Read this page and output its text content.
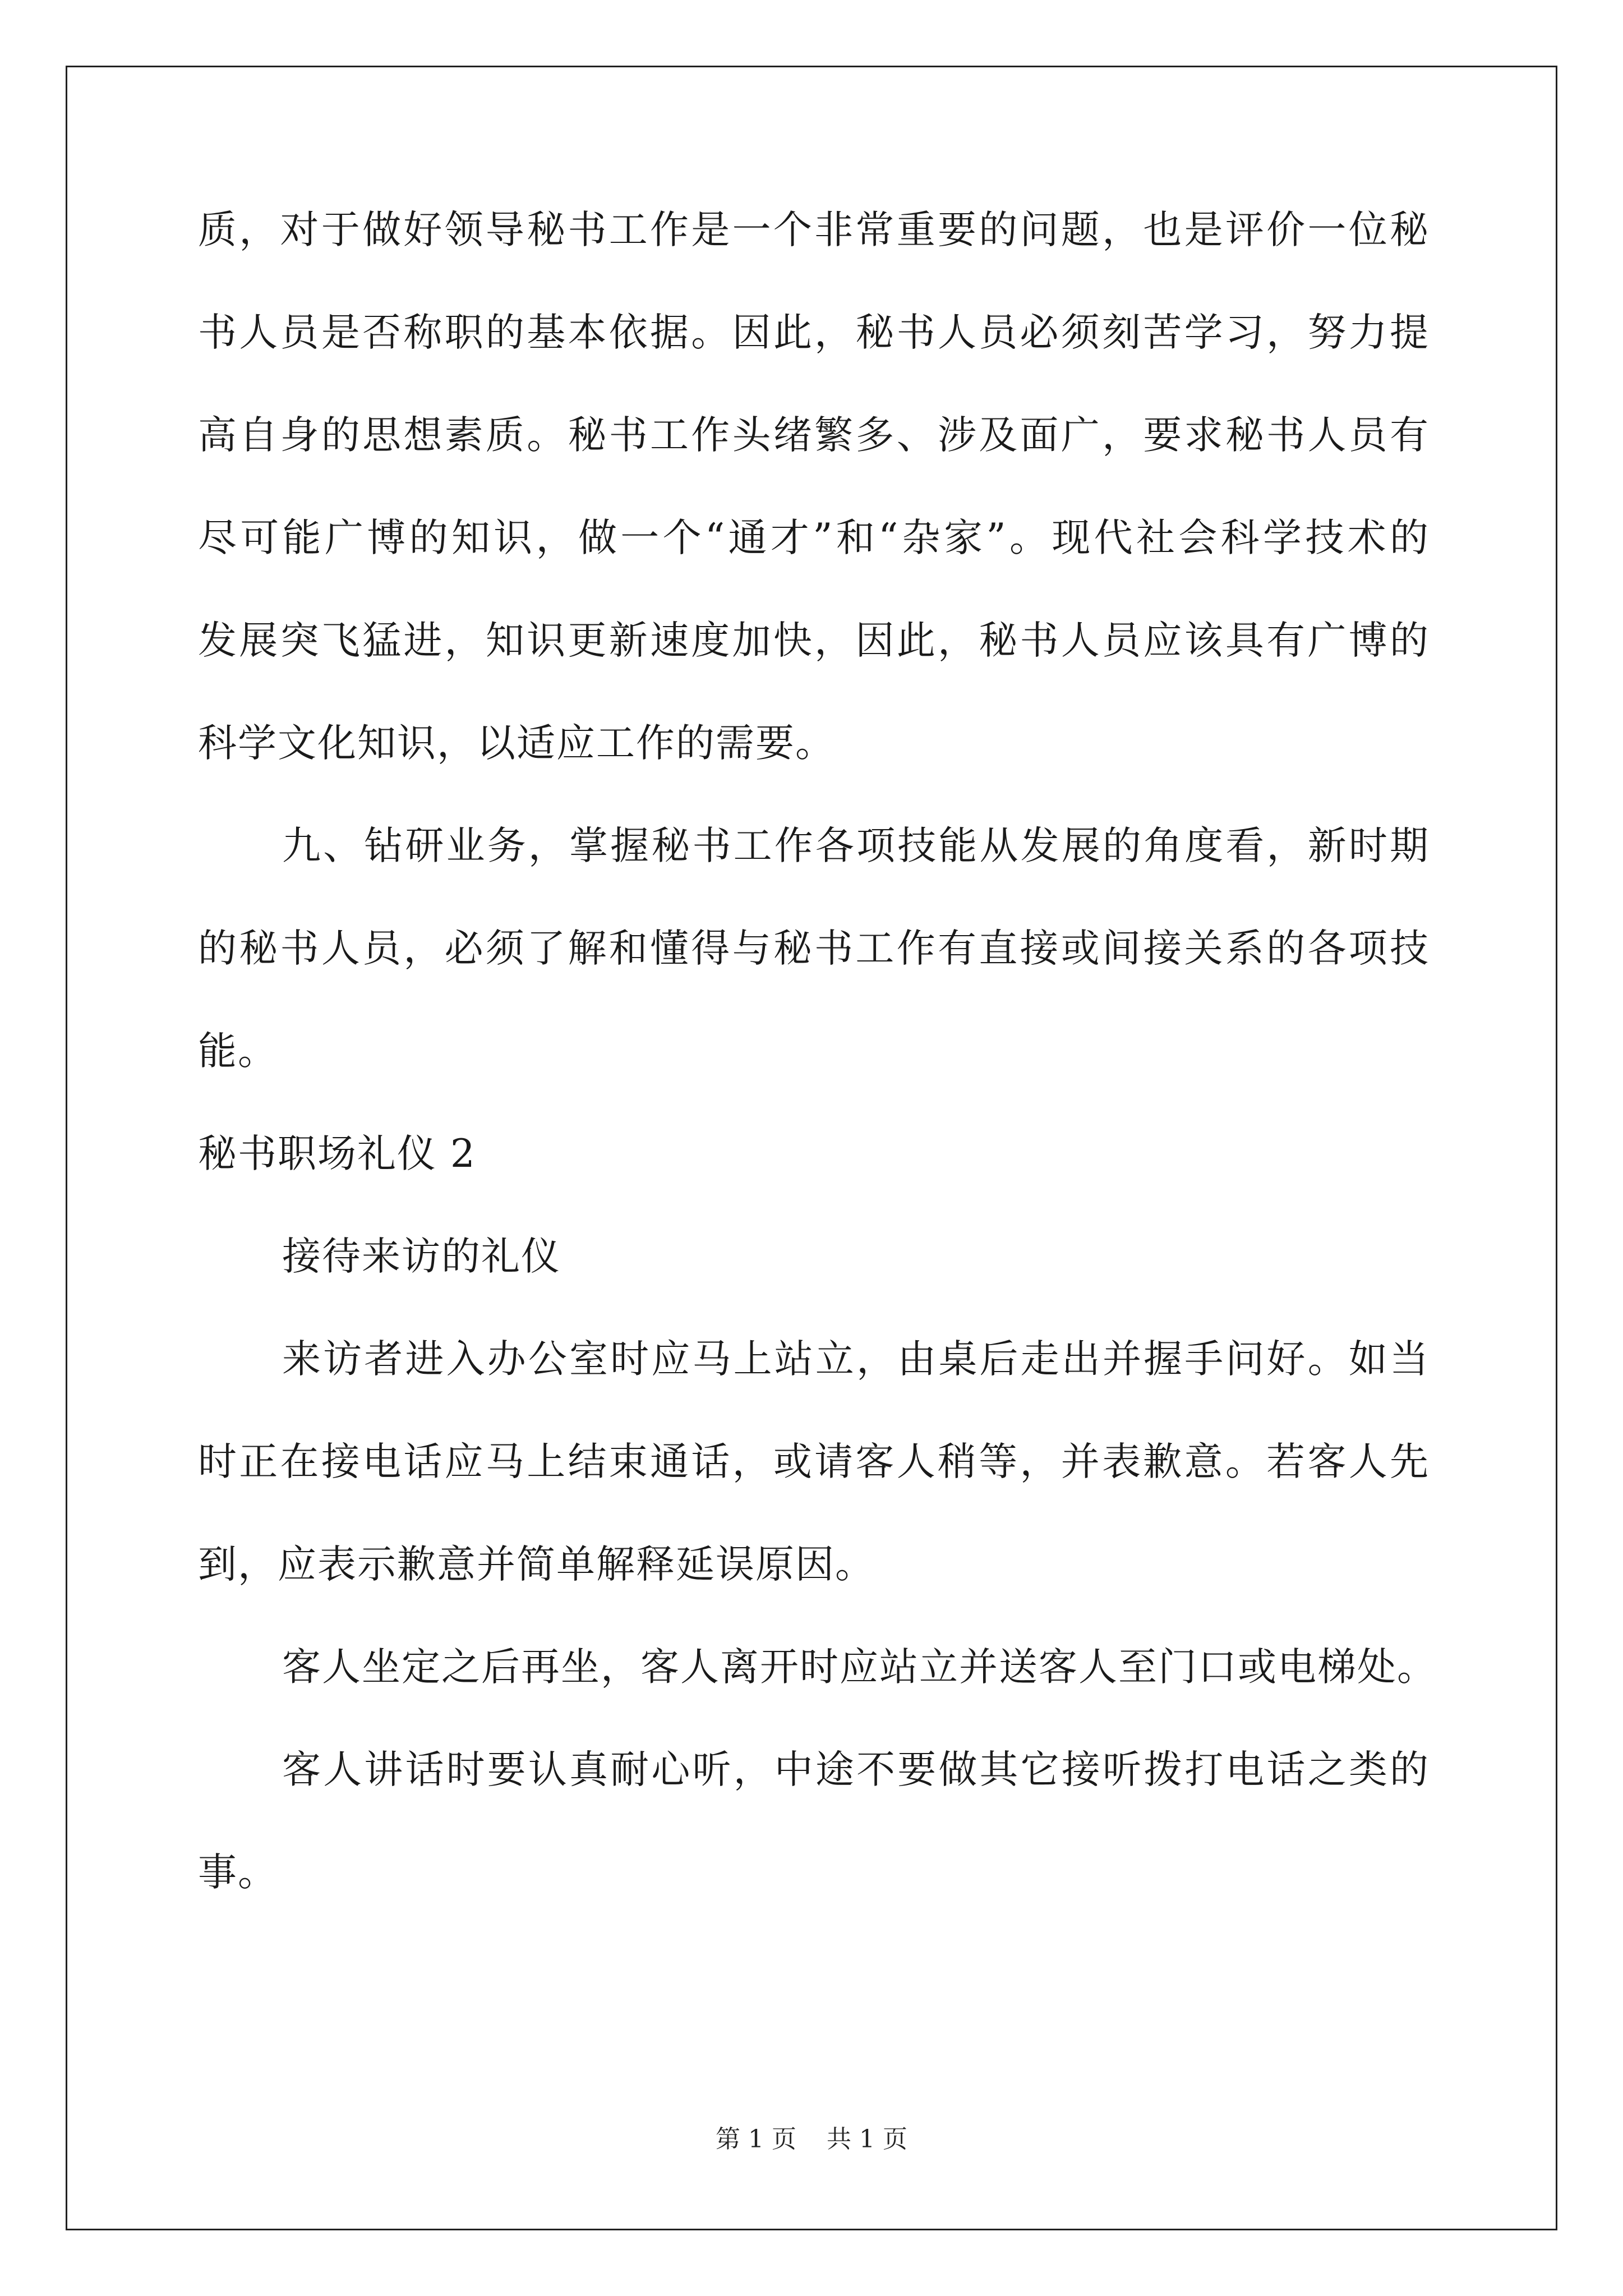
质，对于做好领导秘书工作是一个非常重要的问题，也是评价一位秘
书人员是否称职的基本依据。因此，秘书人员必须刻苦学习，努力提
高自身的思想素质。秘书工作头绪繁多、涉及面广，要求秘书人员有
尽可能广博的知识，做一个“通才”和“杂家”。现代社会科学技术的
发展突飞猛进，知识更新速度加快，因此，秘书人员应该具有广博的
科学文化知识，以适应工作的需要。
九、钻研业务，掌握秘书工作各项技能从发展的角度看，新时期
的秘书人员，必须了解和懂得与秘书工作有直接或间接关系的各项技
能。
秘书职场礼仪 2
接待来访的礼仪
来访者进入办公室时应马上站立，由桌后走出并握手问好。如当
时正在接电话应马上结束通话，或请客人稍等，并表歉意。若客人先
到，应表示歉意并简单解释延误原因。
客人坐定之后再坐，客人离开时应站立并送客人至门口或电梯处。
客人讲话时要认真耐心听，中途不要做其它接听拨打电话之类的
事。
第 1 页 共 1 页
